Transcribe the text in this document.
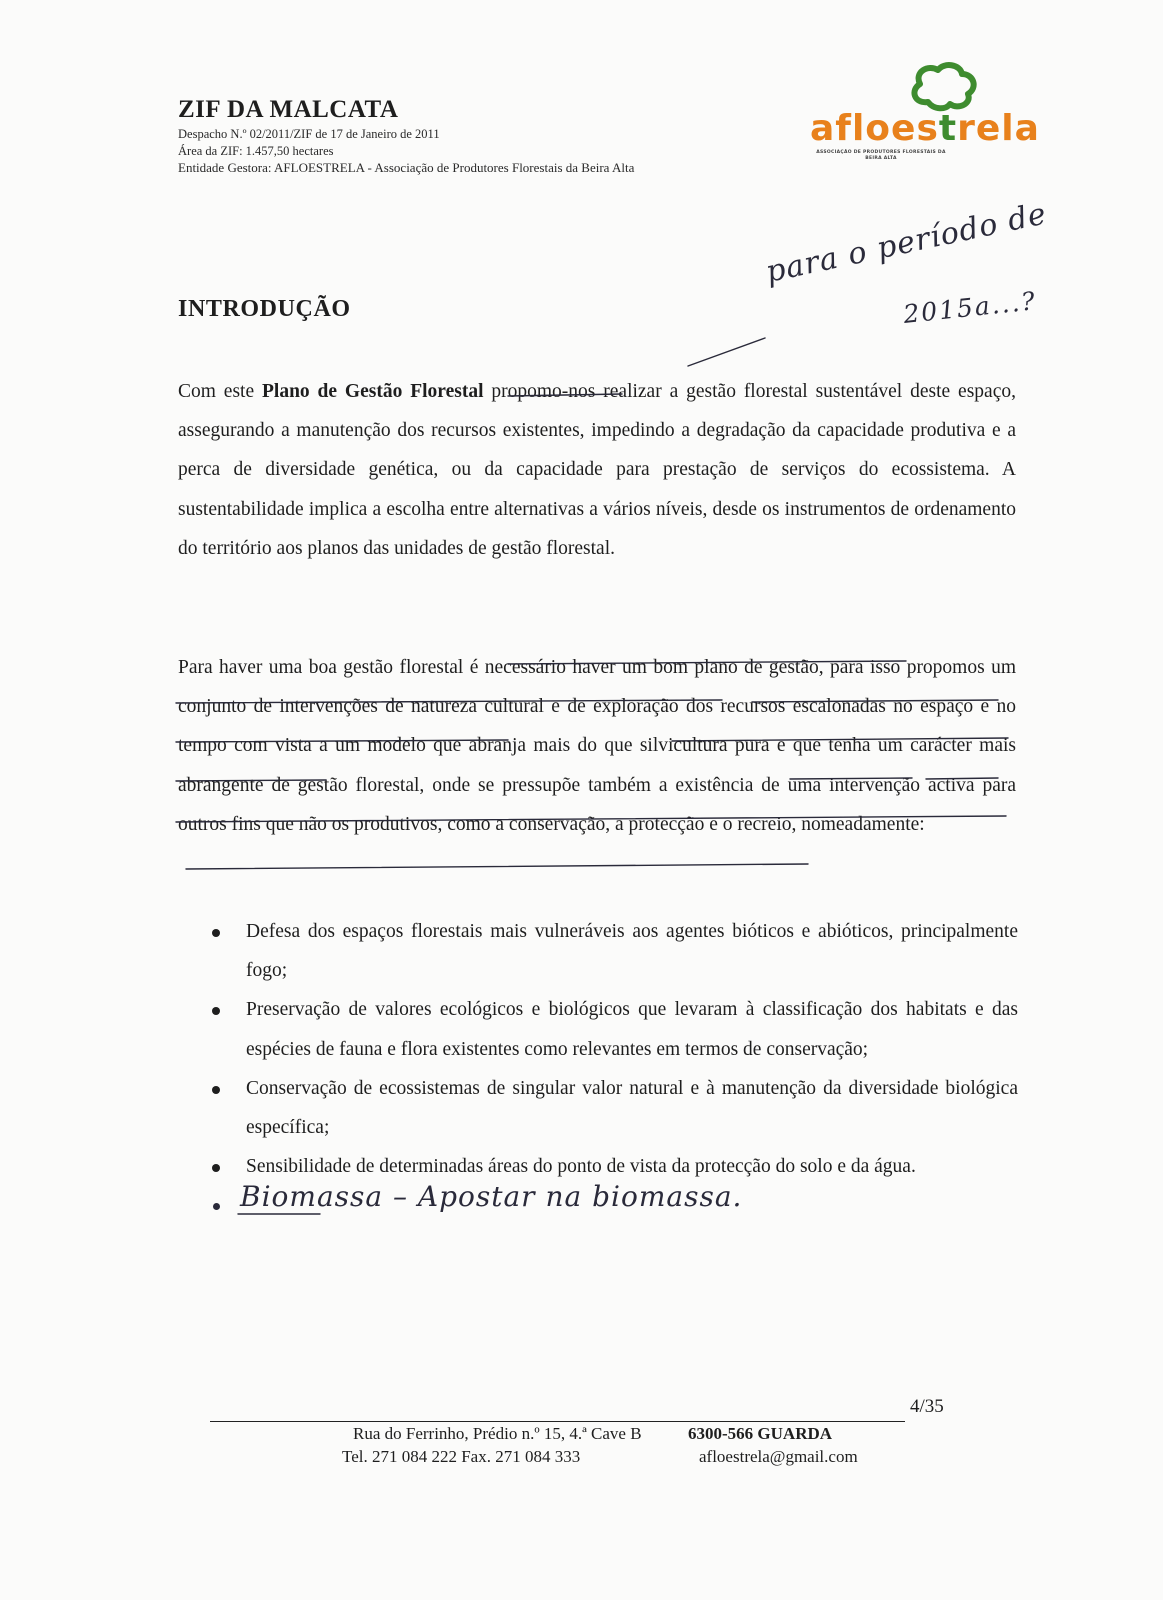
ZIF DA MALCATA
Despacho N.º 02/2011/ZIF de 17 de Janeiro de 2011
Área da ZIF: 1.457,50 hectares
Entidade Gestora: AFLOESTRELA - Associação de Produtores Florestais da Beira Alta
afloestrela
ASSOCIAÇÃO DE PRODUTORES FLORESTAIS DA BEIRA ALTA
INTRODUÇÃO
para o período de
2015a...?

Com este Plano de Gestão Florestal propomo-nos realizar a gestão florestal sustentável deste espaço, assegurando a manutenção dos recursos existentes, impedindo a degradação da capacidade produtiva e a perca de diversidade genética, ou da capacidade para prestação de serviços do ecossistema. A sustentabilidade implica a escolha entre alternativas a vários níveis, desde os instrumentos de ordenamento do território aos planos das unidades de gestão florestal.

Para haver uma boa gestão florestal é necessário haver um bom plano de gestão, para isso propomos um conjunto de intervenções de natureza cultural e de exploração dos recursos escalonadas no espaço e no tempo com vista a um modelo que abranja mais do que silvicultura pura e que tenha um carácter mais abrangente de gestão florestal, onde se pressupõe também a existência de uma intervenção activa para outros fins que não os produtivos, como a conservação, a protecção e o recreio, nomeadamente:

Defesa dos espaços florestais mais vulneráveis aos agentes bióticos e abióticos, principalmente fogo;

Preservação de valores ecológicos e biológicos que levaram à classificação dos habitats e das espécies de fauna e flora existentes como relevantes em termos de conservação;

Conservação de ecossistemas de singular valor natural e à manutenção da diversidade biológica específica;

Sensibilidade de determinadas áreas do ponto de vista da protecção do solo e da água.

Biomassa – Apostar na biomassa.
4/35
Rua do Ferrinho, Prédio n.º 15, 4.ª Cave B	6300-566 GUARDA
Tel. 271 084 222 Fax. 271 084 333	afloestrela@gmail.com
